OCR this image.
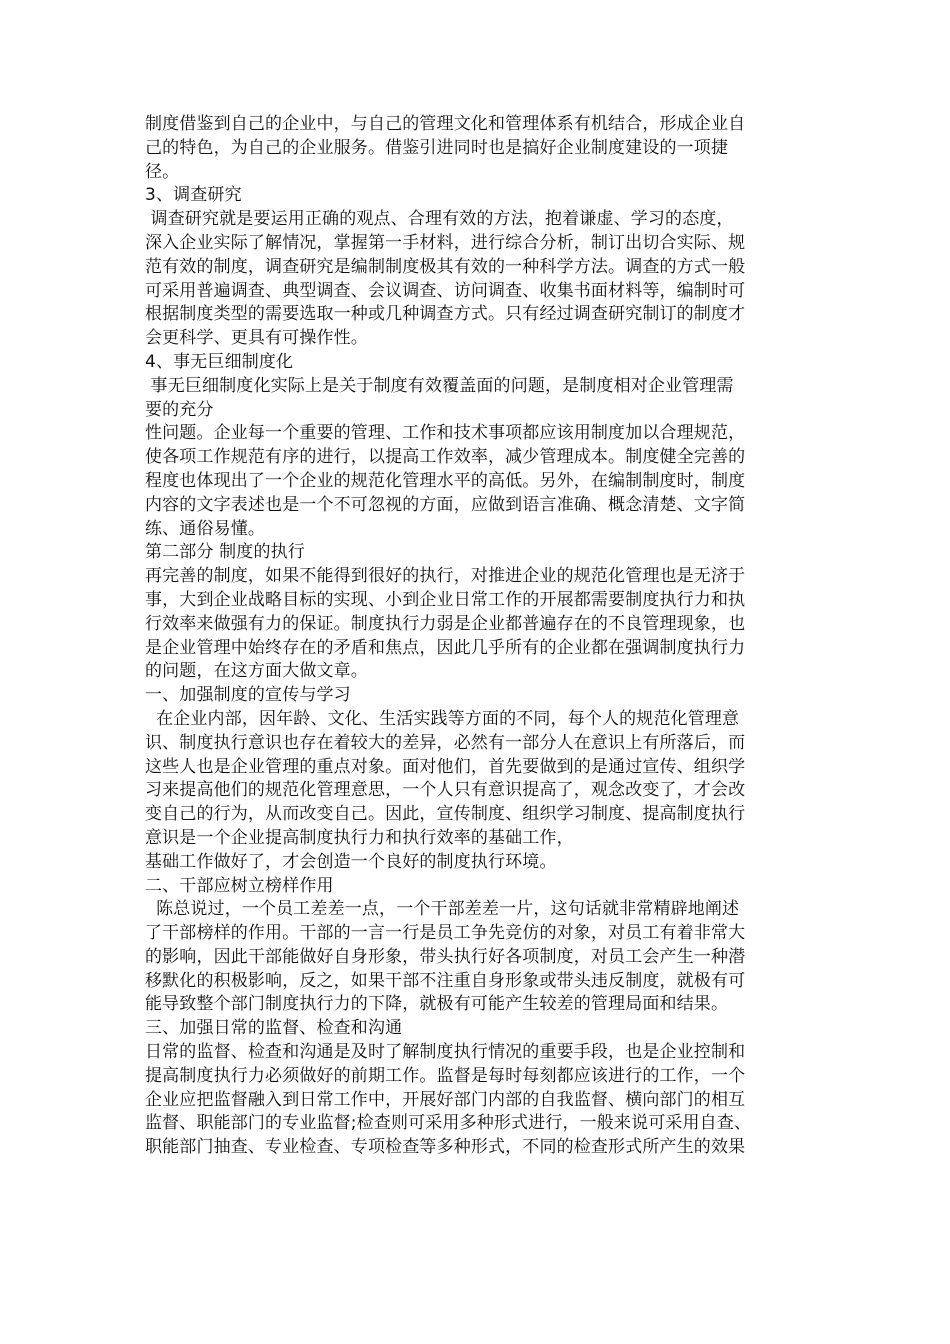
制度借鉴到自己的企业中，与自己的管理文化和管理体系有机结合，形成企业自
己的特色，为自己的企业服务。借鉴引进同时也是搞好企业制度建设的一项捷
径。
3、调查研究
调查研究就是要运用正确的观点、合理有效的方法，抱着谦虚、学习的态度，
深入企业实际了解情况，掌握第一手材料，进行综合分析，制订出切合实际、规
范有效的制度，调查研究是编制制度极其有效的一种科学方法。调查的方式一般
可采用普遍调查、典型调查、会议调查、访问调查、收集书面材料等，编制时可
根据制度类型的需要选取一种或几种调查方式。只有经过调查研究制订的制度才
会更科学、更具有可操作性。
4、事无巨细制度化
事无巨细制度化实际上是关于制度有效覆盖面的问题，是制度相对企业管理需
要的充分
性问题。企业每一个重要的管理、工作和技术事项都应该用制度加以合理规范，
使各项工作规范有序的进行，以提高工作效率，减少管理成本。制度健全完善的
程度也体现出了一个企业的规范化管理水平的高低。另外，在编制制度时，制度
内容的文字表述也是一个不可忽视的方面，应做到语言准确、概念清楚、文字简
练、通俗易懂。
第二部分 制度的执行
再完善的制度，如果不能得到很好的执行，对推进企业的规范化管理也是无济于
事，大到企业战略目标的实现、小到企业日常工作的开展都需要制度执行力和执
行效率来做强有力的保证。制度执行力弱是企业都普遍存在的不良管理现象，也
是企业管理中始终存在的矛盾和焦点，因此几乎所有的企业都在强调制度执行力
的问题，在这方面大做文章。
一、加强制度的宣传与学习
在企业内部，因年龄、文化、生活实践等方面的不同，每个人的规范化管理意
识、制度执行意识也存在着较大的差异，必然有一部分人在意识上有所落后，而
这些人也是企业管理的重点对象。面对他们，首先要做到的是通过宣传、组织学
习来提高他们的规范化管理意思，一个人只有意识提高了，观念改变了，才会改
变自己的行为，从而改变自己。因此，宣传制度、组织学习制度、提高制度执行
意识是一个企业提高制度执行力和执行效率的基础工作，
基础工作做好了，才会创造一个良好的制度执行环境。
二、干部应树立榜样作用
陈总说过，一个员工差差一点，一个干部差差一片，这句话就非常精辟地阐述
了干部榜样的作用。干部的一言一行是员工争先竞仿的对象，对员工有着非常大
的影响，因此干部能做好自身形象，带头执行好各项制度，对员工会产生一种潜
移默化的积极影响，反之，如果干部不注重自身形象或带头违反制度，就极有可
能导致整个部门制度执行力的下降，就极有可能产生较差的管理局面和结果。
三、加强日常的监督、检查和沟通
日常的监督、检查和沟通是及时了解制度执行情况的重要手段，也是企业控制和
提高制度执行力必须做好的前期工作。监督是每时每刻都应该进行的工作，一个
企业应把监督融入到日常工作中，开展好部门内部的自我监督、横向部门的相互
监督、职能部门的专业监督;检查则可采用多种形式进行，一般来说可采用自查、
职能部门抽查、专业检查、专项检查等多种形式，不同的检查形式所产生的效果
